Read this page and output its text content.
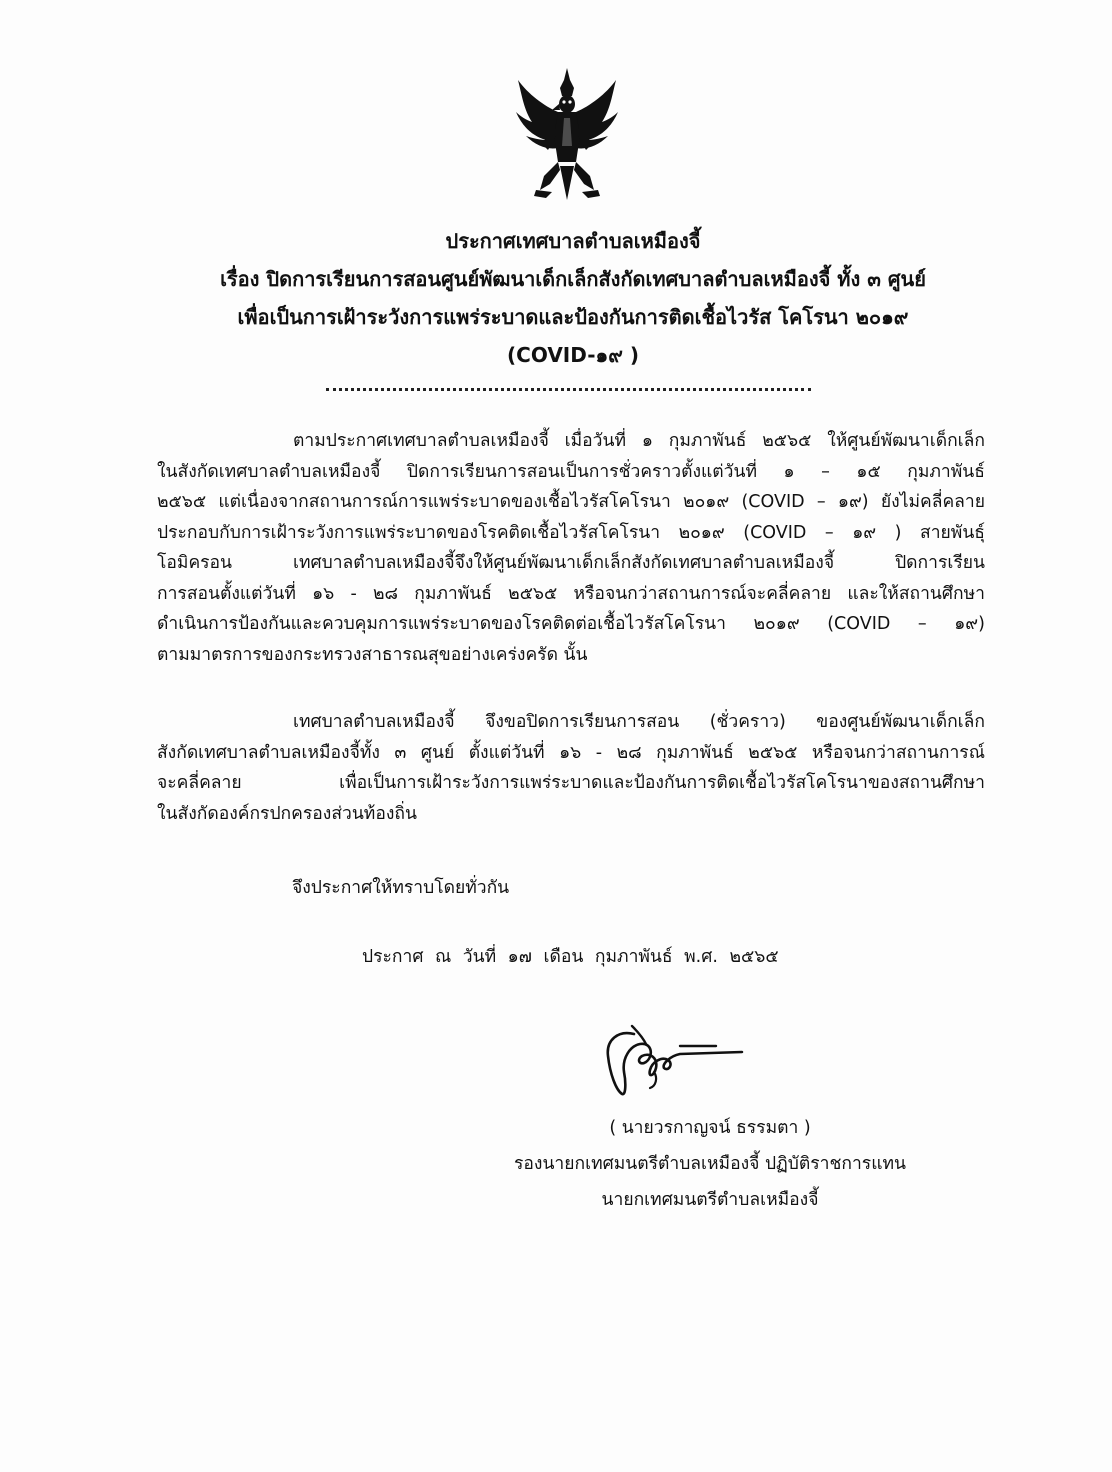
ประกาศเทศบาลตำบลเหมืองจี้
เรื่อง ปิดการเรียนการสอนศูนย์พัฒนาเด็กเล็กสังกัดเทศบาลตำบลเหมืองจี้ ทั้ง ๓ ศูนย์
เพื่อเป็นการเฝ้าระวังการแพร่ระบาดและป้องกันการติดเชื้อไวรัส โคโรนา ๒๐๑๙
(COVID-๑๙ )
ตามประกาศเทศบาลตำบลเหมืองจี้ เมื่อวันที่ ๑ กุมภาพันธ์ ๒๕๖๕ ให้ศูนย์พัฒนาเด็กเล็ก
ในสังกัดเทศบาลตำบลเหมืองจี้ ปิดการเรียนการสอนเป็นการชั่วคราวตั้งแต่วันที่ ๑ – ๑๕ กุมภาพันธ์
๒๕๖๕ แต่เนื่องจากสถานการณ์การแพร่ระบาดของเชื้อไวรัสโคโรนา ๒๐๑๙ (COVID – ๑๙) ยังไม่คลี่คลาย
ประกอบกับการเฝ้าระวังการแพร่ระบาดของโรคติดเชื้อไวรัสโคโรนา ๒๐๑๙ (COVID – ๑๙ ) สายพันธุ์
โอมิครอน	เทศบาลตำบลเหมืองจี้จึงให้ศูนย์พัฒนาเด็กเล็กสังกัดเทศบาลตำบลเหมืองจี้	ปิดการเรียน
การสอนตั้งแต่วันที่ ๑๖ - ๒๘ กุมภาพันธ์ ๒๕๖๕ หรือจนกว่าสถานการณ์จะคลี่คลาย และให้สถานศึกษา
ดำเนินการป้องกันและควบคุมการแพร่ระบาดของโรคติดต่อเชื้อไวรัสโคโรนา ๒๐๑๙ (COVID – ๑๙)
ตามมาตรการของกระทรวงสาธารณสุขอย่างเคร่งครัด นั้น
เทศบาลตำบลเหมืองจี้ จึงขอปิดการเรียนการสอน (ชั่วคราว) ของศูนย์พัฒนาเด็กเล็ก
สังกัดเทศบาลตำบลเหมืองจี้ทั้ง ๓ ศูนย์ ตั้งแต่วันที่ ๑๖ - ๒๘ กุมภาพันธ์ ๒๕๖๕ หรือจนกว่าสถานการณ์
จะคลี่คลาย	เพื่อเป็นการเฝ้าระวังการแพร่ระบาดและป้องกันการติดเชื้อไวรัสโคโรนาของสถานศึกษา
ในสังกัดองค์กรปกครองส่วนท้องถิ่น
จึงประกาศให้ทราบโดยทั่วกัน
ประกาศ ณ วันที่ ๑๗ เดือน กุมภาพันธ์ พ.ศ. ๒๕๖๕
( นายวรกาญจน์ ธรรมตา )
รองนายกเทศมนตรีตำบลเหมืองจี้ ปฏิบัติราชการแทน
นายกเทศมนตรีตำบลเหมืองจี้
